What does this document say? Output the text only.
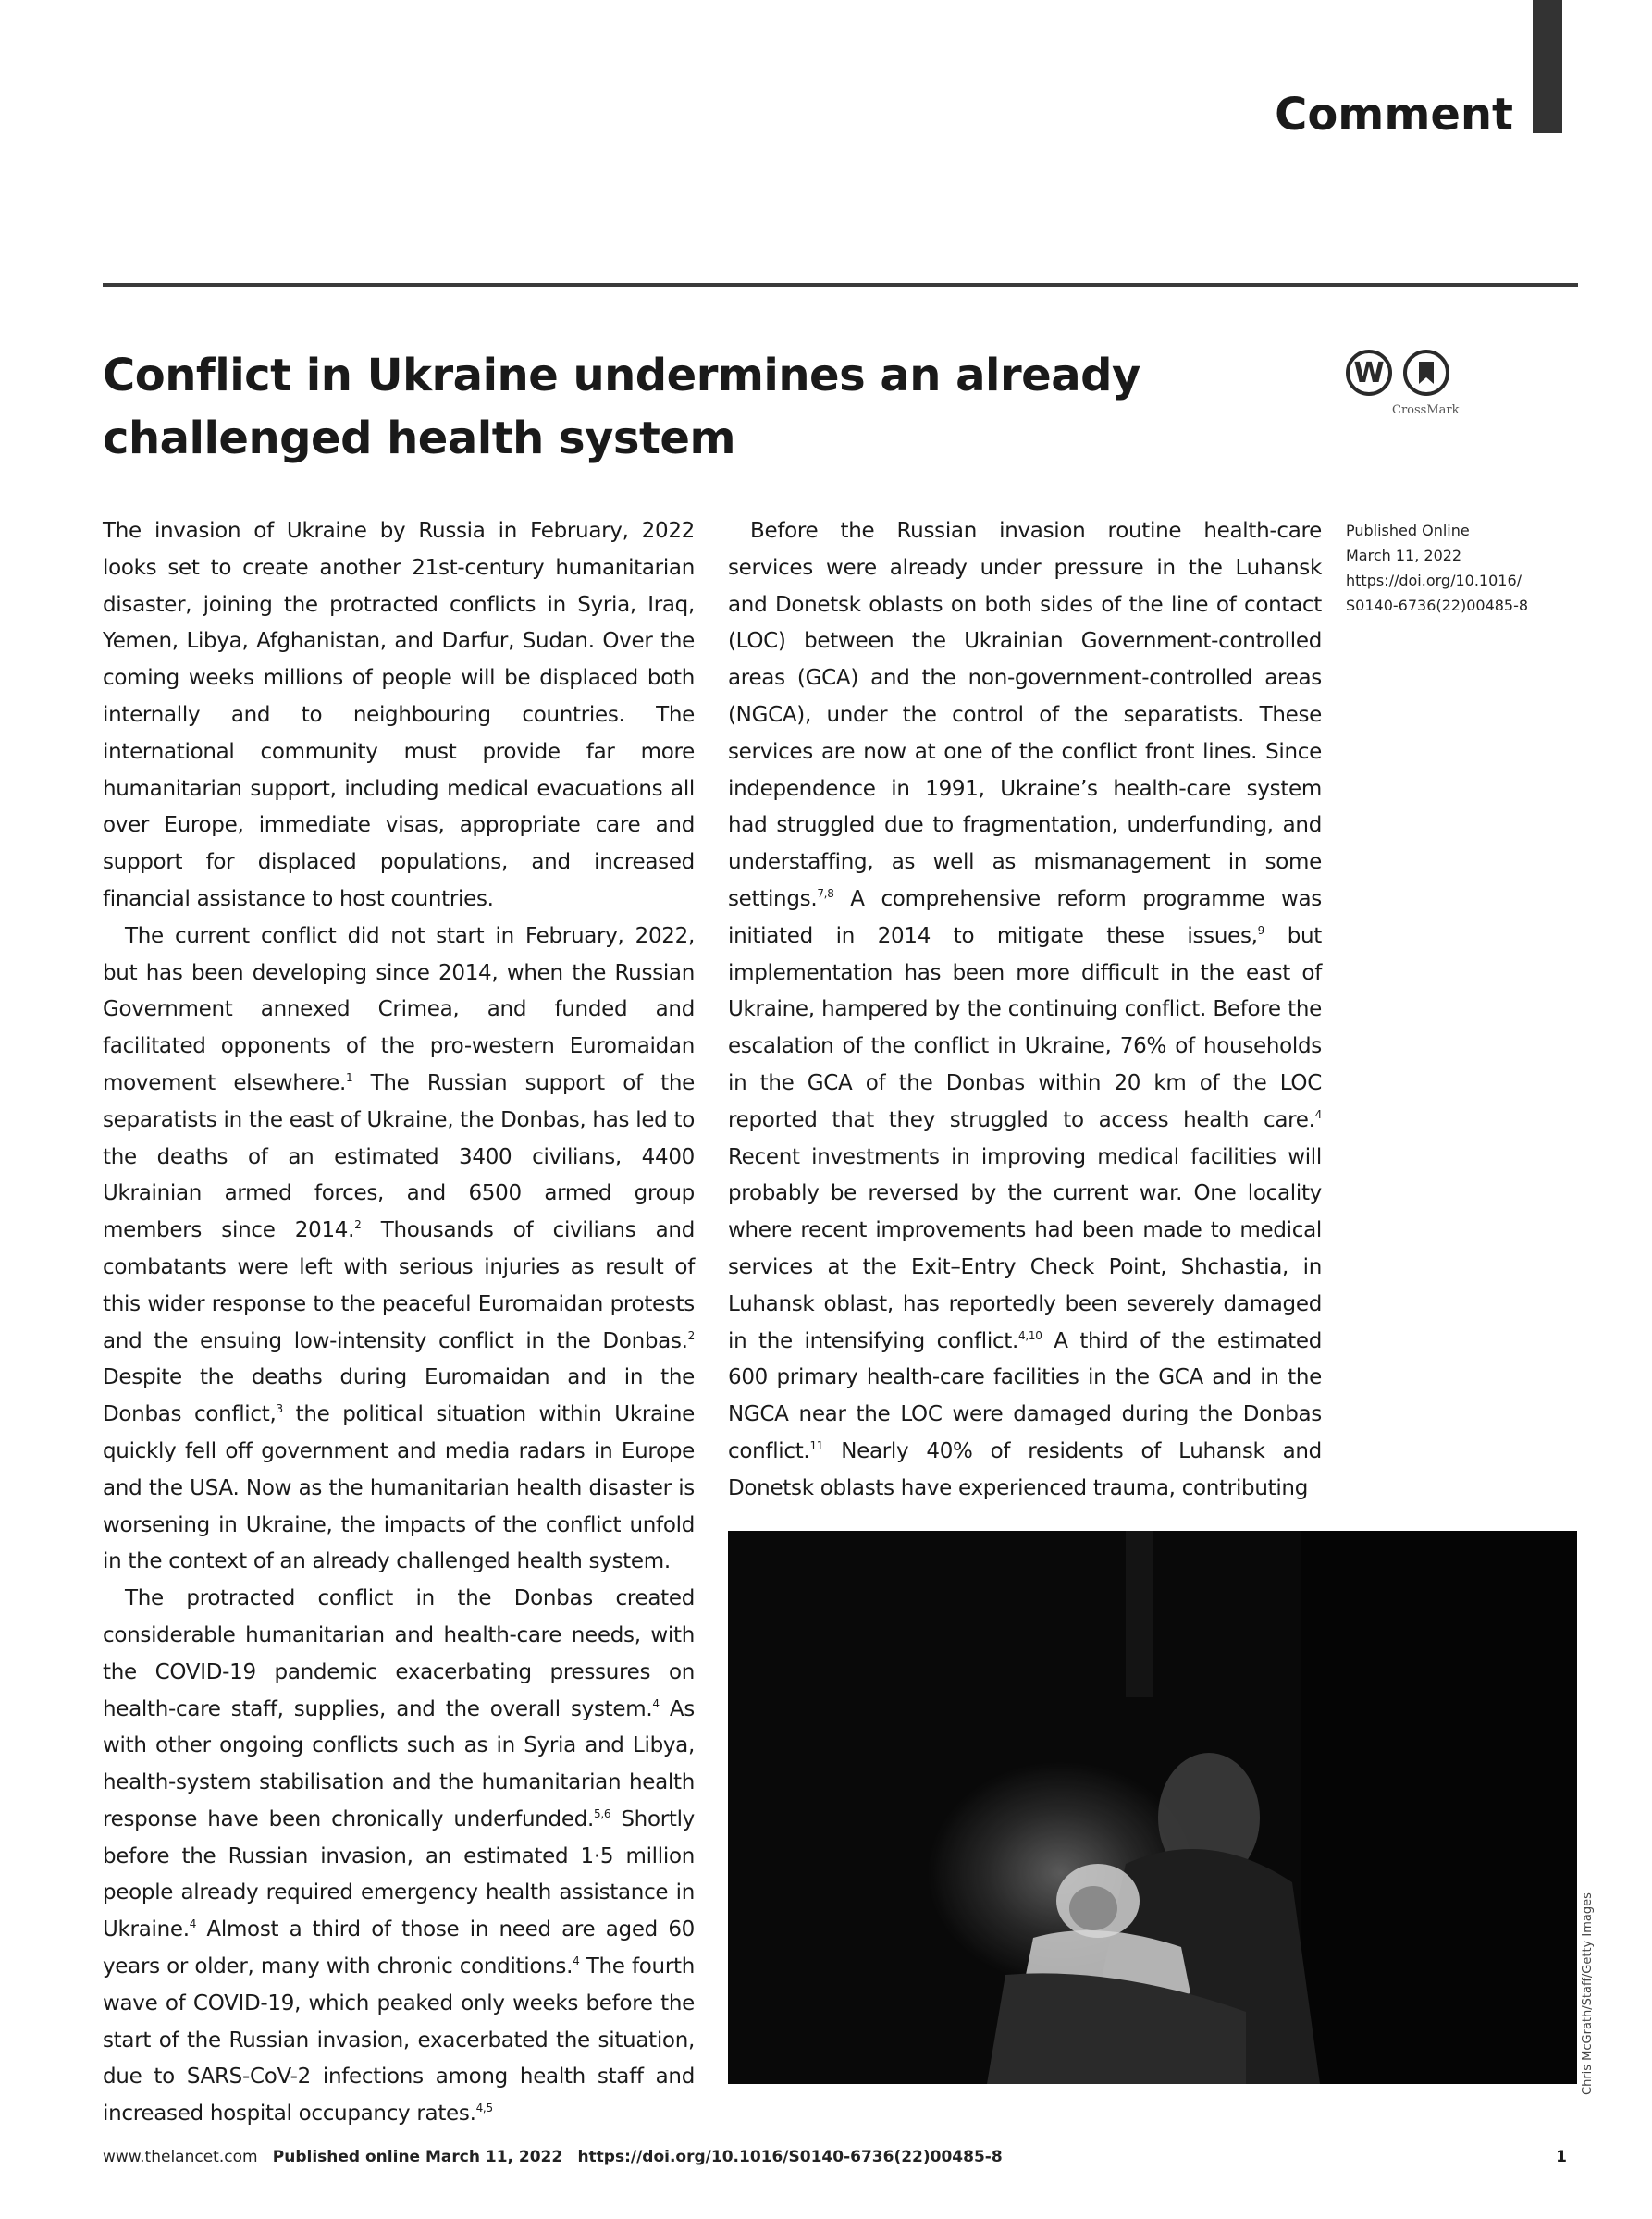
Comment
Conflict in Ukraine undermines an already challenged health system
W
CrossMark

The invasion of Ukraine by Russia in February, 2022 looks set to create another 21st-century humanitarian disaster, joining the protracted conflicts in Syria, Iraq, Yemen, Libya, Afghanistan, and Darfur, Sudan. Over the coming weeks millions of people will be displaced both internally and to neighbouring countries. The international community must provide far more humanitarian support, including medical evacuations all over Europe, immediate visas, appropriate care and support for displaced populations, and increased financial assistance to host countries.

The current conflict did not start in February, 2022, but has been developing since 2014, when the Russian Government annexed Crimea, and funded and facilitated opponents of the pro-western Euromaidan movement elsewhere.$^1$ The Russian support of the separatists in the east of Ukraine, the Donbas, has led to the deaths of an estimated 3400 civilians, 4400 Ukrainian armed forces, and 6500 armed group members since 2014.$^2$ Thousands of civilians and combatants were left with serious injuries as result of this wider response to the peaceful Euromaidan protests and the ensuing low-intensity conflict in the Donbas.$^2$ Despite the deaths during Euromaidan and in the Donbas conflict,$^3$ the political situation within Ukraine quickly fell off government and media radars in Europe and the USA. Now as the humanitarian health disaster is worsening in Ukraine, the impacts of the conflict unfold in the context of an already challenged health system.

The protracted conflict in the Donbas created considerable humanitarian and health-care needs, with the COVID-19 pandemic exacerbating pressures on health-care staff, supplies, and the overall system.$^4$ As with other ongoing conflicts such as in Syria and Libya, health-system stabilisation and the humanitarian health response have been chronically underfunded.$^{5,6}$ Shortly before the Russian invasion, an estimated 1·5 million people already required emergency health assistance in Ukraine.$^4$ Almost a third of those in need are aged 60 years or older, many with chronic conditions.$^4$ The fourth wave of COVID-19, which peaked only weeks before the start of the Russian invasion, exacerbated the situation, due to SARS-CoV-2 infections among health staff and increased hospital occupancy rates.$^{4,5}$

Before the Russian invasion routine health-care services were already under pressure in the Luhansk and Donetsk oblasts on both sides of the line of contact (LOC) between the Ukrainian Government-controlled areas (GCA) and the non-government-controlled areas (NGCA), under the control of the separatists. These services are now at one of the conflict front lines. Since independence in 1991, Ukraine’s health-care system had struggled due to fragmentation, underfunding, and understaffing, as well as mismanagement in some settings.$^{7,8}$ A comprehensive reform programme was initiated in 2014 to mitigate these issues,$^9$ but implementation has been more difficult in the east of Ukraine, hampered by the continuing conflict. Before the escalation of the conflict in Ukraine, 76% of households in the GCA of the Donbas within 20 km of the LOC reported that they struggled to access health care.$^4$ Recent investments in improving medical facilities will probably be reversed by the current war. One locality where recent improvements had been made to medical services at the Exit–Entry Check Point, Shchastia, in Luhansk oblast, has reportedly been severely damaged in the intensifying conflict.$^{4,10}$ A third of the estimated 600 primary health-care facilities in the GCA and in the NGCA near the LOC were damaged during the Donbas conflict.$^{11}$ Nearly 40% of residents of Luhansk and Donetsk oblasts have experienced trauma, contributing

Published Online
March 11, 2022
https://doi.org/10.1016/
S0140-6736(22)00485-8
Chris McGrath/Staff/Getty Images
www.thelancet.com Published online March 11, 2022 https://doi.org/10.1016/S0140-6736(22)00485-8	1
